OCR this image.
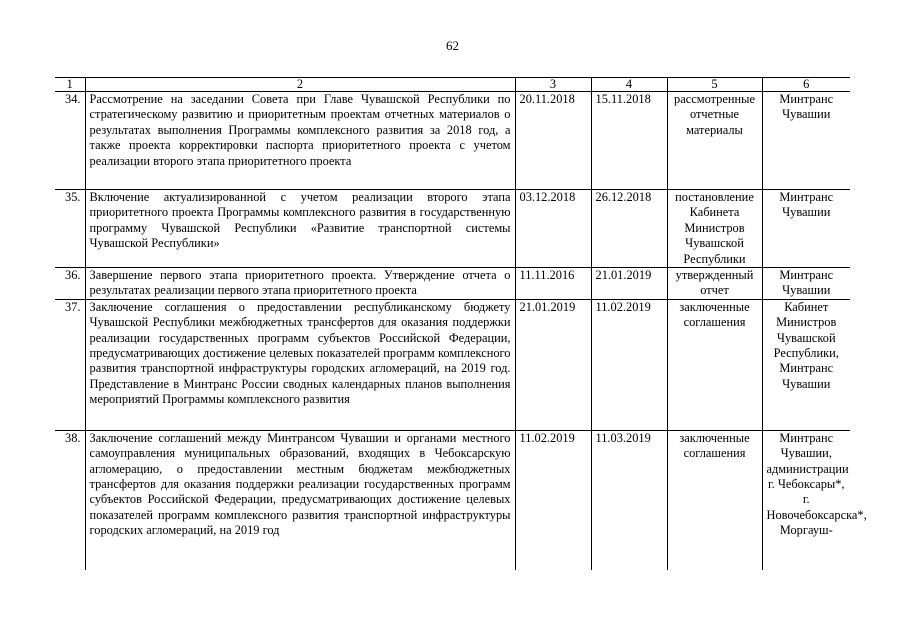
62
1	2	3	4	5	6
34.	Рассмотрение на заседании Совета при Главе Чувашской Республики по стратегическому развитию и приоритетным проектам отчетных материалов о результатах выполнения Программы комплексного развития за 2018 год, а также проекта корректировки паспорта приоритетного проекта с учетом реализации второго этапа приоритетного проекта	20.11.2018	15.11.2018	рассмотренные отчетные материалы	Минтранс Чувашии
35.	Включение актуализированной с учетом реализации второго этапа приоритетного проекта Программы комплексного развития в государственную программу Чувашской Республики «Развитие транспортной системы Чувашской Республики»	03.12.2018	26.12.2018	постановление Кабинета Министров Чувашской Республики	Минтранс Чувашии
36.	Завершение первого этапа приоритетного проекта. Утверждение отчета о результатах реализации первого этапа приоритетного проекта	11.11.2016	21.01.2019	утвержденный отчет	Минтранс Чувашии
37.	Заключение соглашения о предоставлении республиканскому бюджету Чувашской Республики межбюджетных трансфертов для оказания поддержки реализации государственных программ субъектов Российской Федерации, предусматривающих достижение целевых показателей программ комплексного развития транспортной инфраструктуры городских агломераций, на 2019 год. Представление в Минтранс России сводных календарных планов выполнения мероприятий Программы комплексного развития	21.01.2019	11.02.2019	заключенные соглашения	Кабинет Министров Чувашской Республики, Минтранс Чувашии
38.	Заключение соглашений между Минтрансом Чувашии и органами местного самоуправления муниципальных образований, входящих в Чебоксарскую агломерацию, о предоставлении местным бюджетам межбюджетных трансфертов для оказания поддержки реализации государственных программ субъектов Российской Федерации, предусматривающих достижение целевых показателей программ комплексного развития транспортной инфраструктуры городских агломераций, на 2019 год	11.02.2019	11.03.2019	заключенные соглашения	Минтранс Чувашии, администрации г. Чебоксары*, г. Новочебоксарска*, Моргауш-
